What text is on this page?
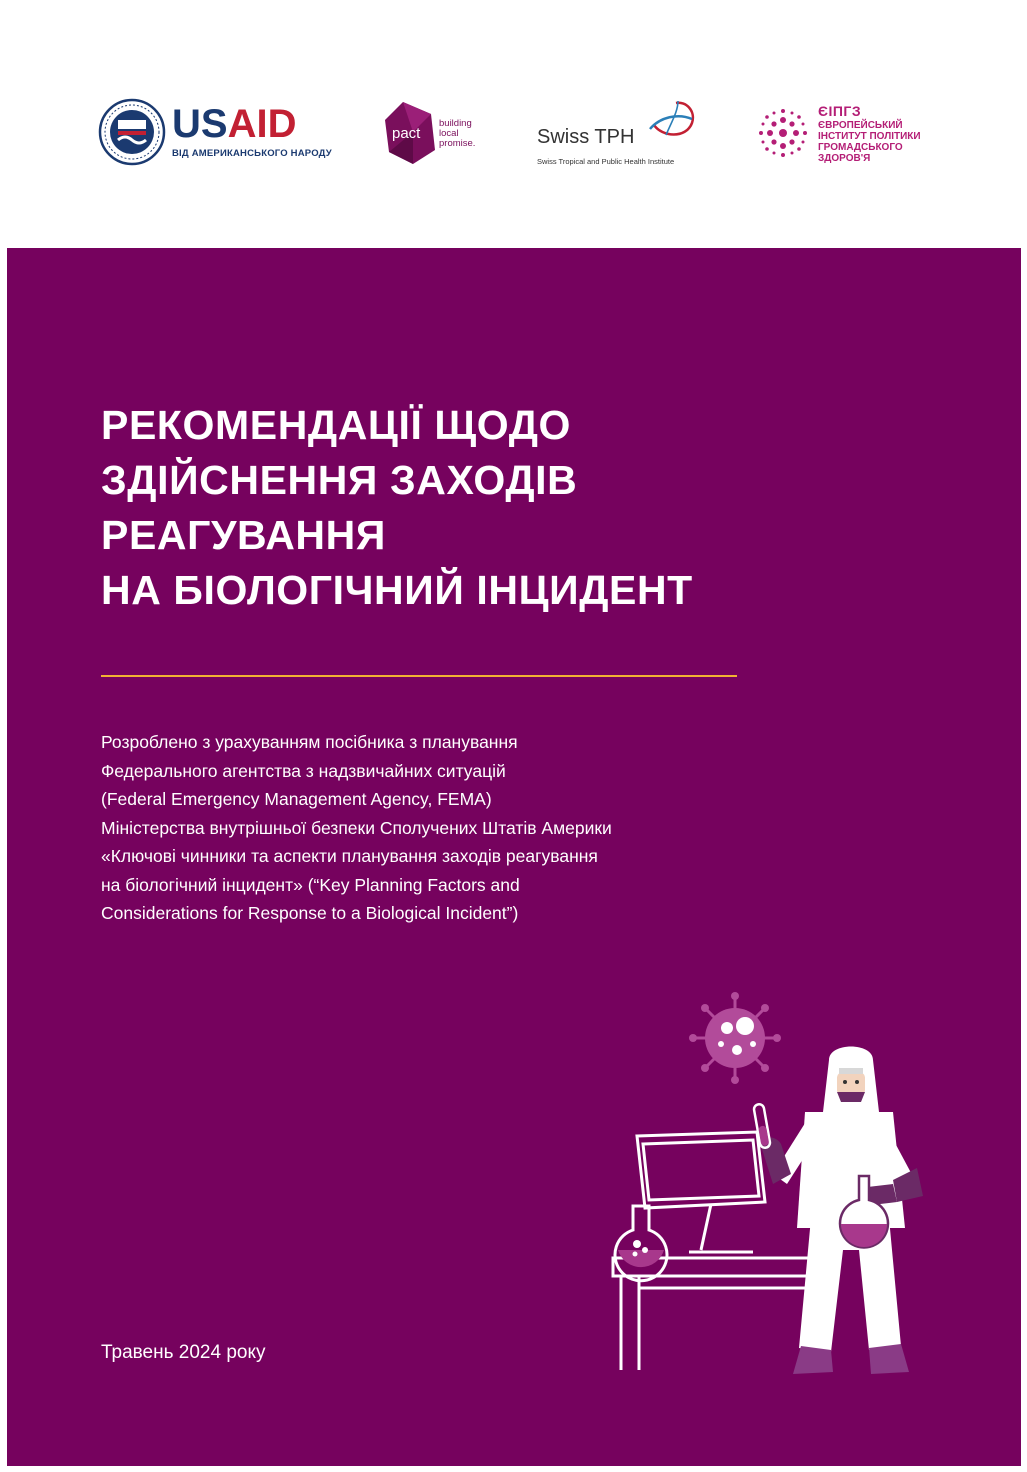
USAID
ВІД АМЕРИКАНСЬКОГО НАРОДУ
pact
building
local
promise.	Swiss TPH
Swiss Tropical and Public Health Institute
ЄІПГЗ
ЄВРОПЕЙСЬКИЙ
ІНСТИТУТ ПОЛІТИКИ
ГРОМАДСЬКОГО
ЗДОРОВ'Я
РЕКОМЕНДАЦІЇ ЩОДО
ЗДІЙСНЕННЯ ЗАХОДІВ
РЕАГУВАННЯ
НА БІОЛОГІЧНИЙ ІНЦИДЕНТ
Розроблено з урахуванням посібника з планування
Федерального агентства з надзвичайних ситуацій
(Federal Emergency Management Agency, FEMA)
Міністерства внутрішньої безпеки Сполучених Штатів Америки
«Ключові чинники та аспекти планування заходів реагування
на біологічний інцидент» (“Key Planning Factors and
Considerations for Response to a Biological Incident”)
Травень 2024 року
